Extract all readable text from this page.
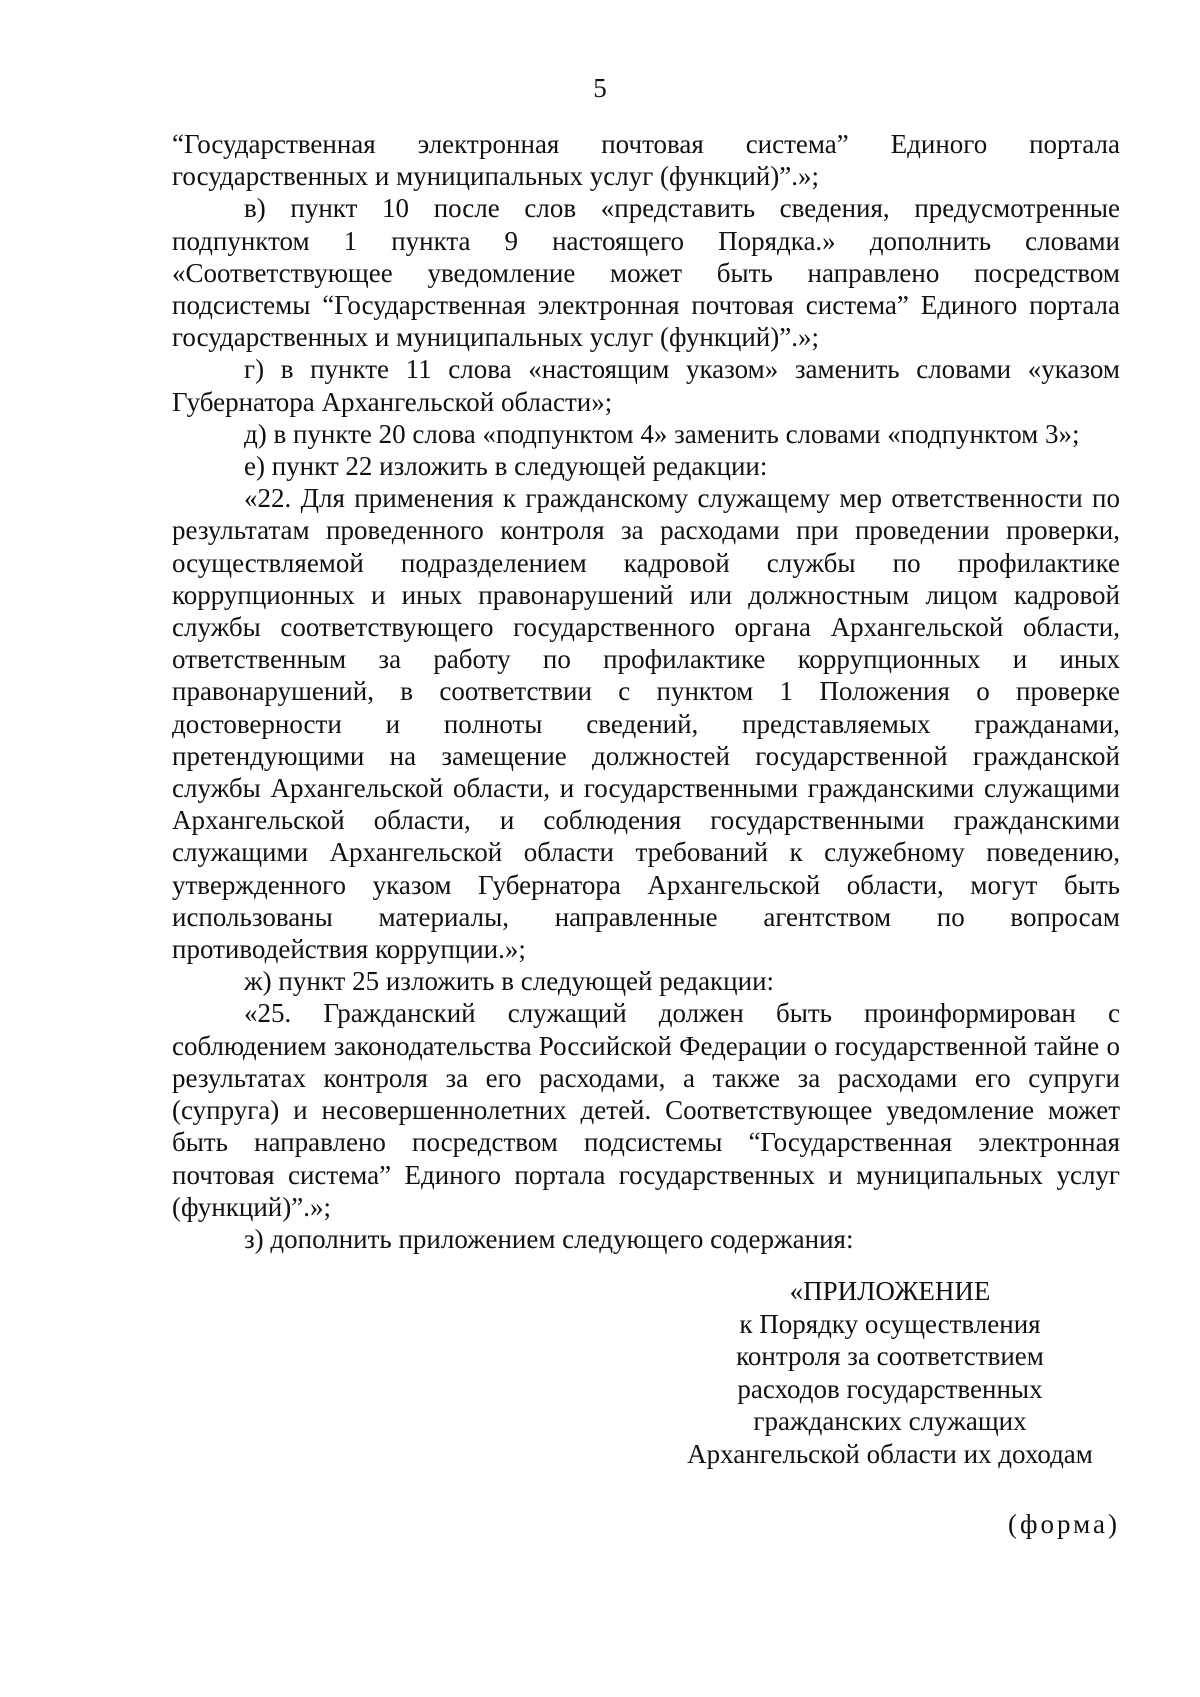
5

“Государственная электронная почтовая система” Единого портала государственных и муниципальных услуг (функций)”.»;

в) пункт 10 после слов «представить сведения, предусмотренные подпунктом 1 пункта 9 настоящего Порядка.» дополнить словами «Соответствующее уведомление может быть направлено посредством подсистемы “Государственная электронная почтовая система” Единого портала государственных и муниципальных услуг (функций)”.»;

г) в пункте 11 слова «настоящим указом» заменить словами «указом Губернатора Архангельской области»;

д) в пункте 20 слова «подпунктом 4» заменить словами «подпунктом 3»;

е) пункт 22 изложить в следующей редакции:

«22. Для применения к гражданскому служащему мер ответственности по результатам проведенного контроля за расходами при проведении проверки, осуществляемой подразделением кадровой службы по профилактике коррупционных и иных правонарушений или должностным лицом кадровой службы соответствующего государственного органа Архангельской области, ответственным за работу по профилактике коррупционных и иных правонарушений, в соответствии с пунктом 1 Положения о проверке достоверности и полноты сведений, представляемых гражданами, претендующими на замещение должностей государственной гражданской службы Архангельской области, и государственными гражданскими служащими Архангельской области, и соблюдения государственными гражданскими служащими Архангельской области требований к служебному поведению, утвержденного указом Губернатора Архангельской области, могут быть использованы материалы, направленные агентством по вопросам противодействия коррупции.»;

ж) пункт 25 изложить в следующей редакции:

«25. Гражданский служащий должен быть проинформирован с соблюдением законодательства Российской Федерации о государственной тайне о результатах контроля за его расходами, а также за расходами его супруги (супруга) и несовершеннолетних детей. Соответствующее уведомление может быть направлено посредством подсистемы “Государственная электронная почтовая система” Единого портала государственных и муниципальных услуг (функций)”.»;

з) дополнить приложением следующего содержания:

«ПРИЛОЖЕНИЕ

к Порядку осуществления

контроля за соответствием

расходов государственных

гражданских служащих

Архангельской области их доходам

(форма)
